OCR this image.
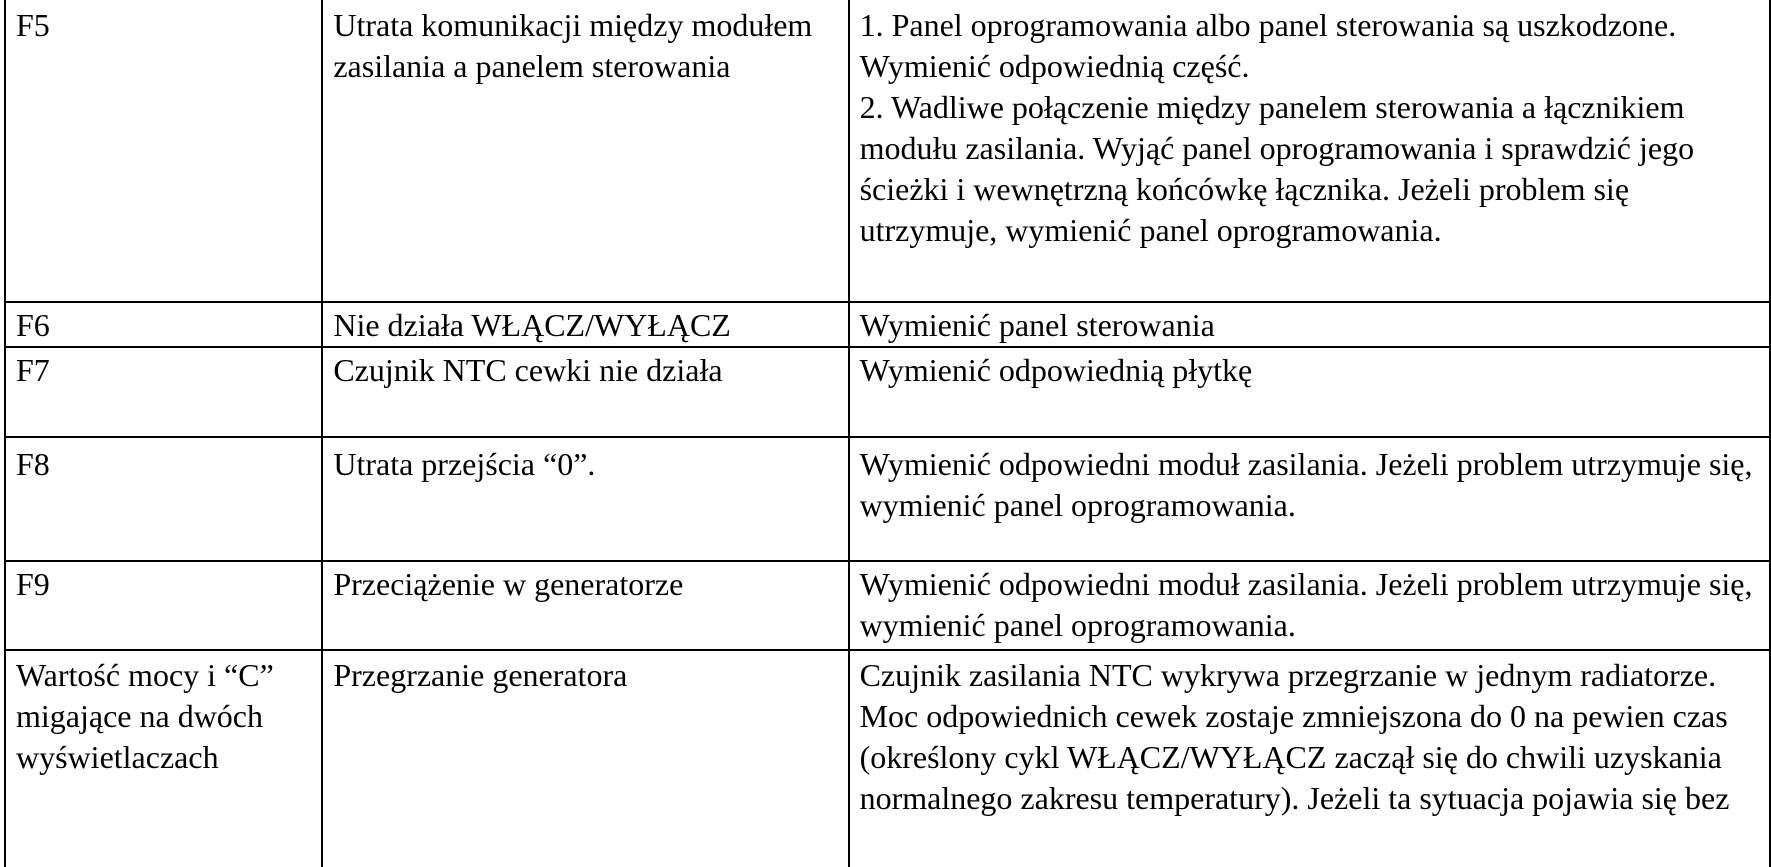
F5	Utrata komunikacji między modułem zasilania a panelem sterowania	1. Panel oprogramowania albo panel sterowania są uszkodzone. Wymienić odpowiednią część.
2. Wadliwe połączenie między panelem sterowania a łącznikiem modułu zasilania. Wyjąć panel oprogramowania i sprawdzić jego ścieżki i wewnętrzną końcówkę łącznika. Jeżeli problem się utrzymuje, wymienić panel oprogramowania.

F6	Nie działa WŁĄCZ/WYŁĄCZ	Wymienić panel sterowania
F7	Czujnik NTC cewki nie działa	Wymienić odpowiednią płytkę
F8	Utrata przejścia “0”.	Wymienić odpowiedni moduł zasilania. Jeżeli problem utrzymuje się, wymienić panel oprogramowania.
F9	Przeciążenie w generatorze	Wymienić odpowiedni moduł zasilania. Jeżeli problem utrzymuje się, wymienić panel oprogramowania.
Wartość mocy i “C” migające na dwóch wyświetlaczach	Przegrzanie generatora	Czujnik zasilania NTC wykrywa przegrzanie w jednym radiatorze. Moc odpowiednich cewek zostaje zmniejszona do 0 na pewien czas (określony cykl WŁĄCZ/WYŁĄCZ zaczął się do chwili uzyskania normalnego zakresu temperatury). Jeżeli ta sytuacja pojawia się bez
